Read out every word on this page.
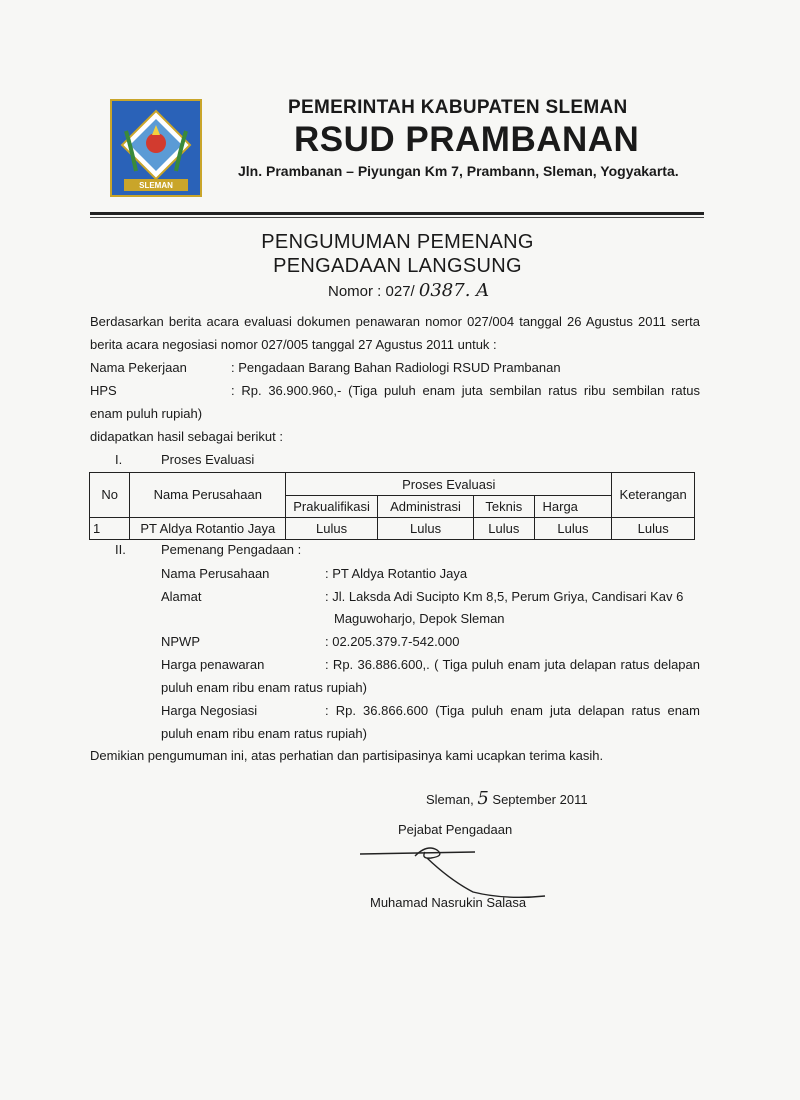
SLEMAN
PEMERINTAH KABUPATEN SLEMAN
RSUD PRAMBANAN
Jln. Prambanan – Piyungan Km 7, Prambann, Sleman, Yogyakarta.
PENGUMUMAN PEMENANG
PENGADAAN LANGSUNG
Nomor : 027/ 0387. A
Berdasarkan berita acara evaluasi dokumen penawaran nomor 027/004 tanggal 26 Agustus 2011 serta
berita acara negosiasi nomor 027/005 tanggal 27 Agustus 2011 untuk :
Nama Pekerjaan	: Pengadaan Barang Bahan Radiologi RSUD Prambanan
HPS	: Rp. 36.900.960,- (Tiga puluh enam juta sembilan ratus ribu sembilan ratus
enam puluh rupiah)
didapatkan hasil sebagai berikut :
I.	Proses Evaluasi
No	Nama Perusahaan	Proses Evaluasi				Keterangan
		Prakualifikasi	Administrasi	Teknis	Harga	
1	PT Aldya Rotantio Jaya	Lulus	Lulus	Lulus	Lulus	Lulus
II.	Pemenang Pengadaan :
Nama Perusahaan	: PT Aldya Rotantio Jaya
Alamat	: Jl. Laksda Adi Sucipto Km 8,5, Perum Griya, Candisari Kav 6
Maguwoharjo, Depok Sleman
NPWP	: 02.205.379.7-542.000
Harga penawaran	: Rp. 36.886.600,. ( Tiga puluh enam juta delapan ratus delapan
puluh enam ribu enam ratus rupiah)
Harga Negosiasi	: Rp. 36.866.600 (Tiga puluh enam juta delapan ratus enam
puluh enam ribu enam ratus rupiah)
Demikian pengumuman ini, atas perhatian dan partisipasinya kami ucapkan terima kasih.
Sleman, 5 September 2011
Pejabat Pengadaan
Muhamad Nasrukin Salasa
